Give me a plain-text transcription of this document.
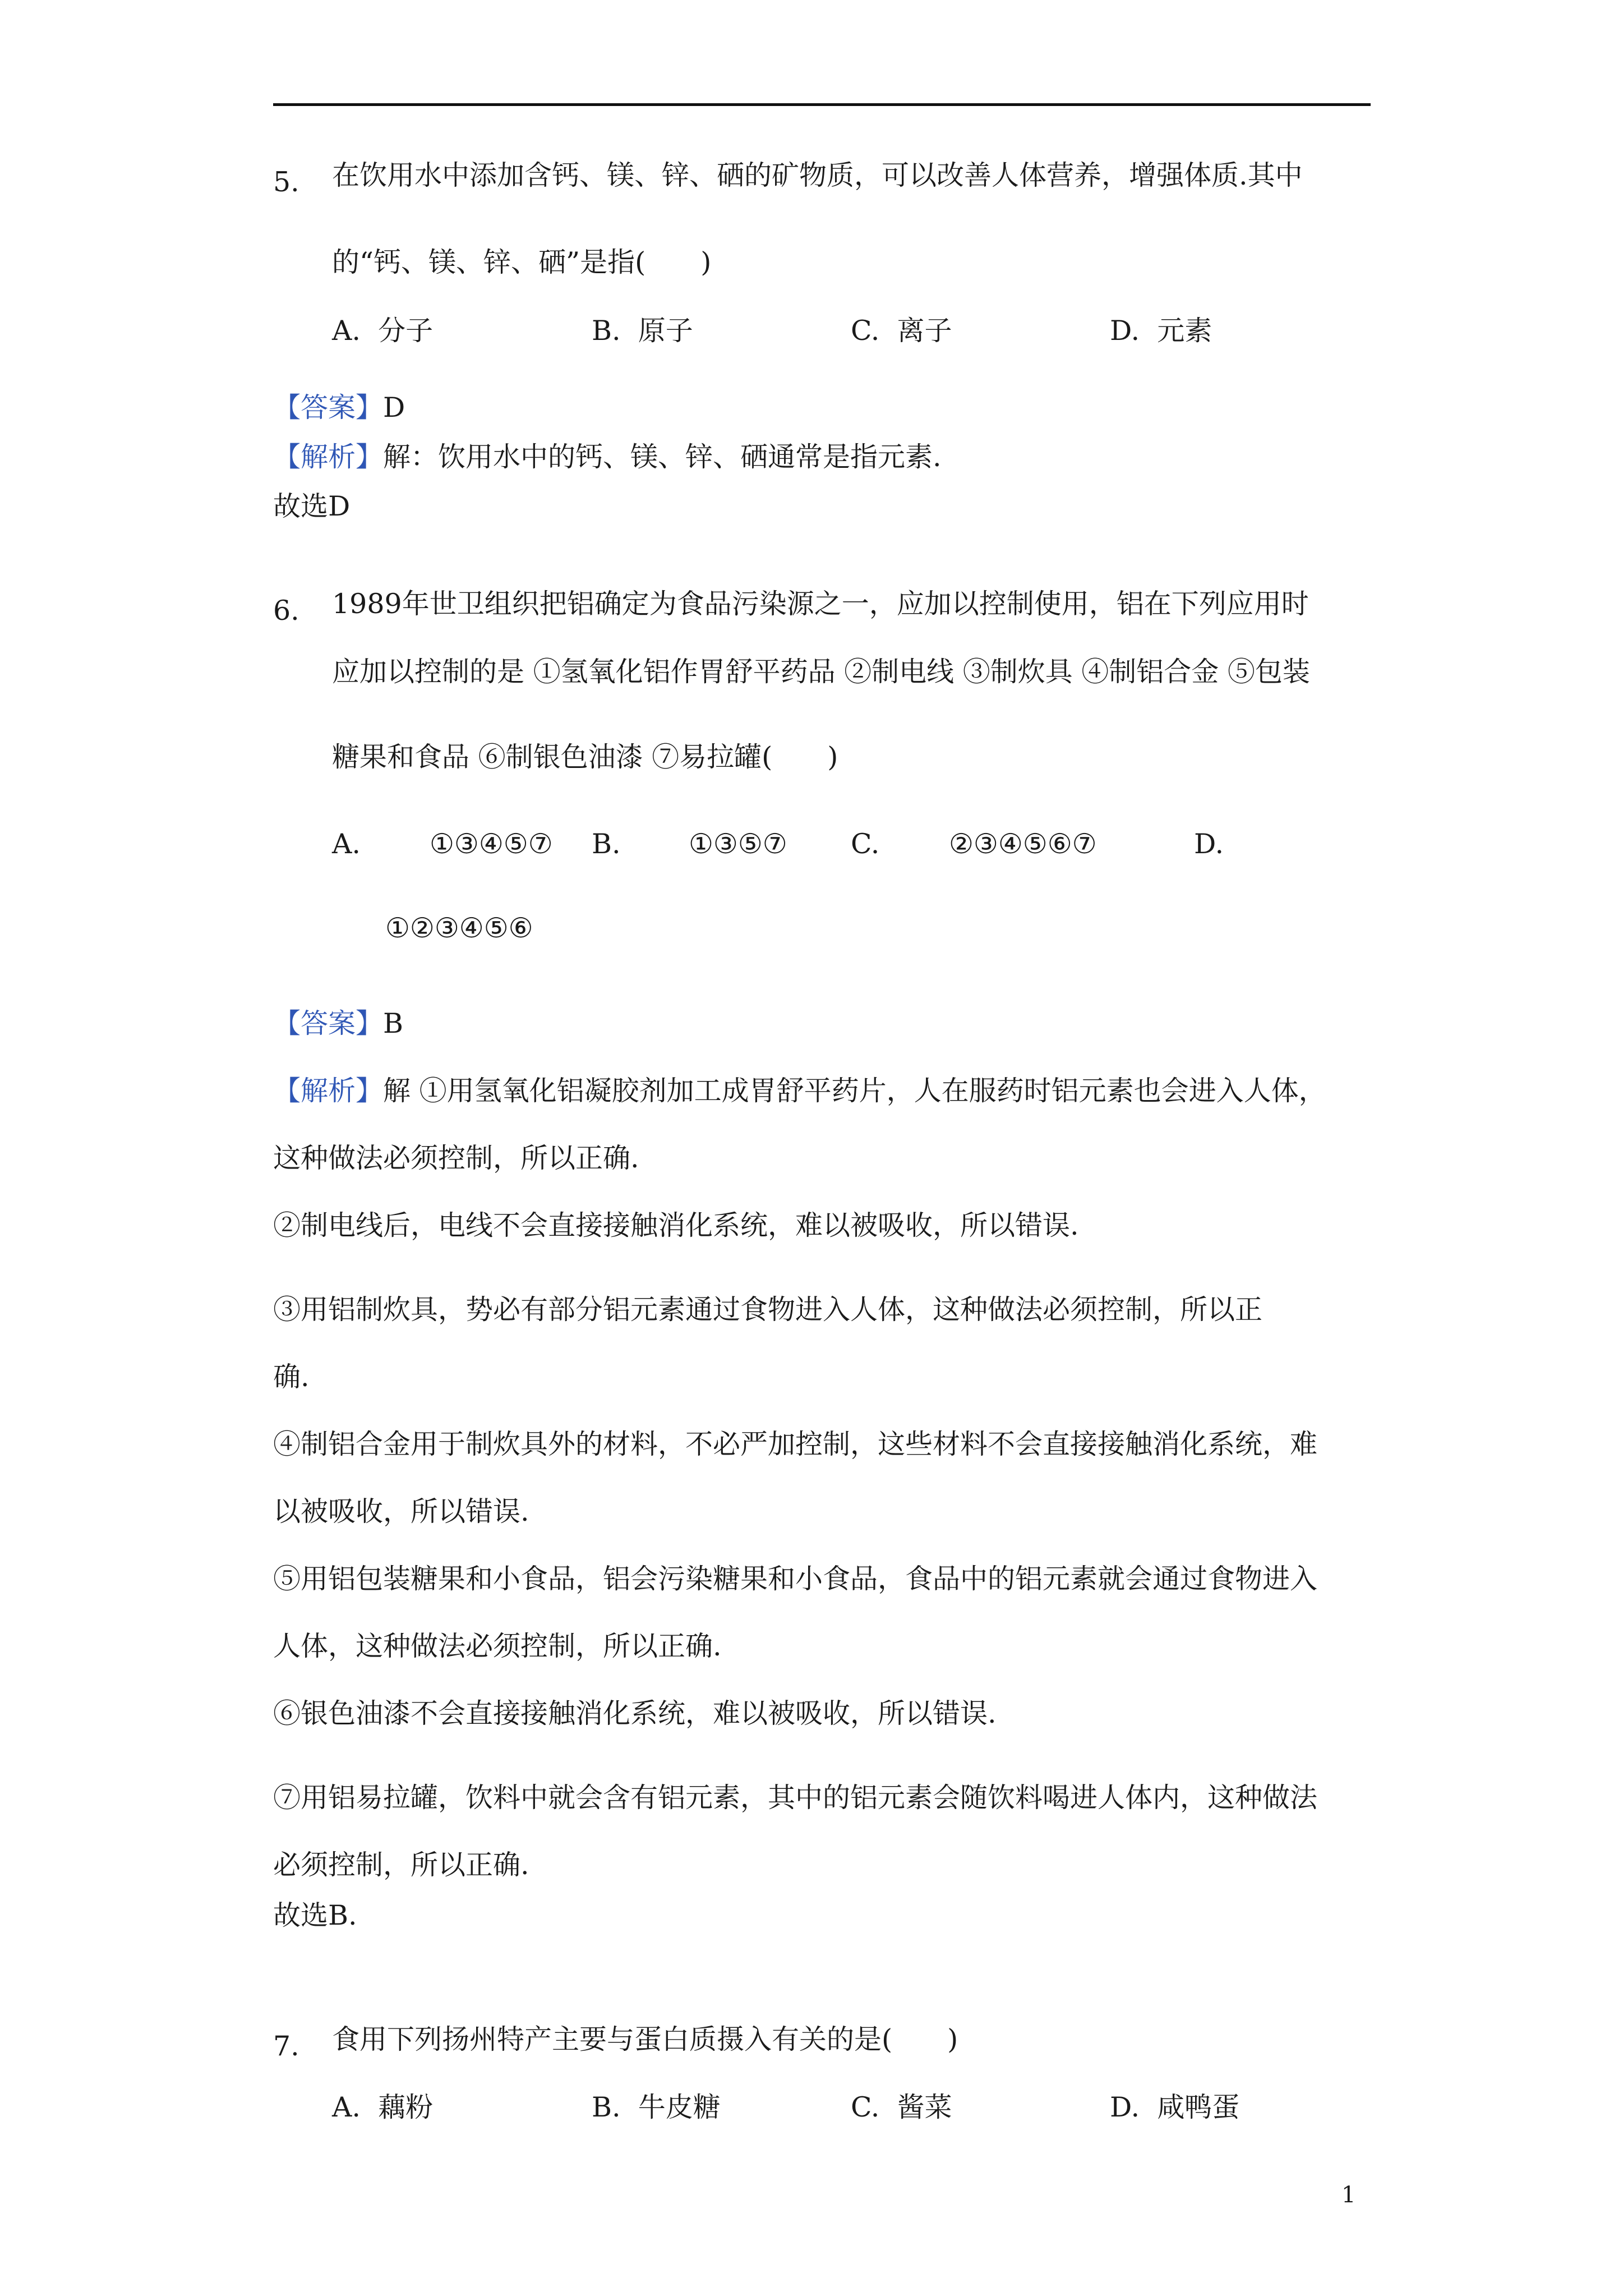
5. 在饮用水中添加含钙、镁、锌、硒的矿物质，可以改善人体营养，增强体质.其中
的“钙、镁、锌、硒”是指(　　)
A. 分子	B. 原子	C. 离子	D. 元素
【答案】D
【解析】解：饮用水中的钙、镁、锌、硒通常是指元素.
故选D
6. 1989年世卫组织把铝确定为食品污染源之一，应加以控制使用，铝在下列应用时
应加以控制的是 ①氢氧化铝作胃舒平药品 ②制电线 ③制炊具 ④制铝合金 ⑤包装
糖果和食品 ⑥制银色油漆 ⑦易拉罐(　　)
A.	①③④⑤⑦ B. ①③⑤⑦ C.	②③④⑤⑥⑦	D.
①②③④⑤⑥
【答案】B
【解析】解 ①用氢氧化铝凝胶剂加工成胃舒平药片，人在服药时铝元素也会进入人体，
这种做法必须控制，所以正确.
②制电线后，电线不会直接接触消化系统，难以被吸收，所以错误.
③用铝制炊具，势必有部分铝元素通过食物进入人体，这种做法必须控制，所以正
确.
④制铝合金用于制炊具外的材料，不必严加控制，这些材料不会直接接触消化系统，难
以被吸收，所以错误.
⑤用铝包装糖果和小食品，铝会污染糖果和小食品，食品中的铝元素就会通过食物进入
人体，这种做法必须控制，所以正确.
⑥银色油漆不会直接接触消化系统，难以被吸收，所以错误.
⑦用铝易拉罐，饮料中就会含有铝元素，其中的铝元素会随饮料喝进人体内，这种做法
必须控制，所以正确.
故选B.
7. 食用下列扬州特产主要与蛋白质摄入有关的是(　　)
A. 藕粉	B. 牛皮糖	C. 酱菜	D. 咸鸭蛋
1
